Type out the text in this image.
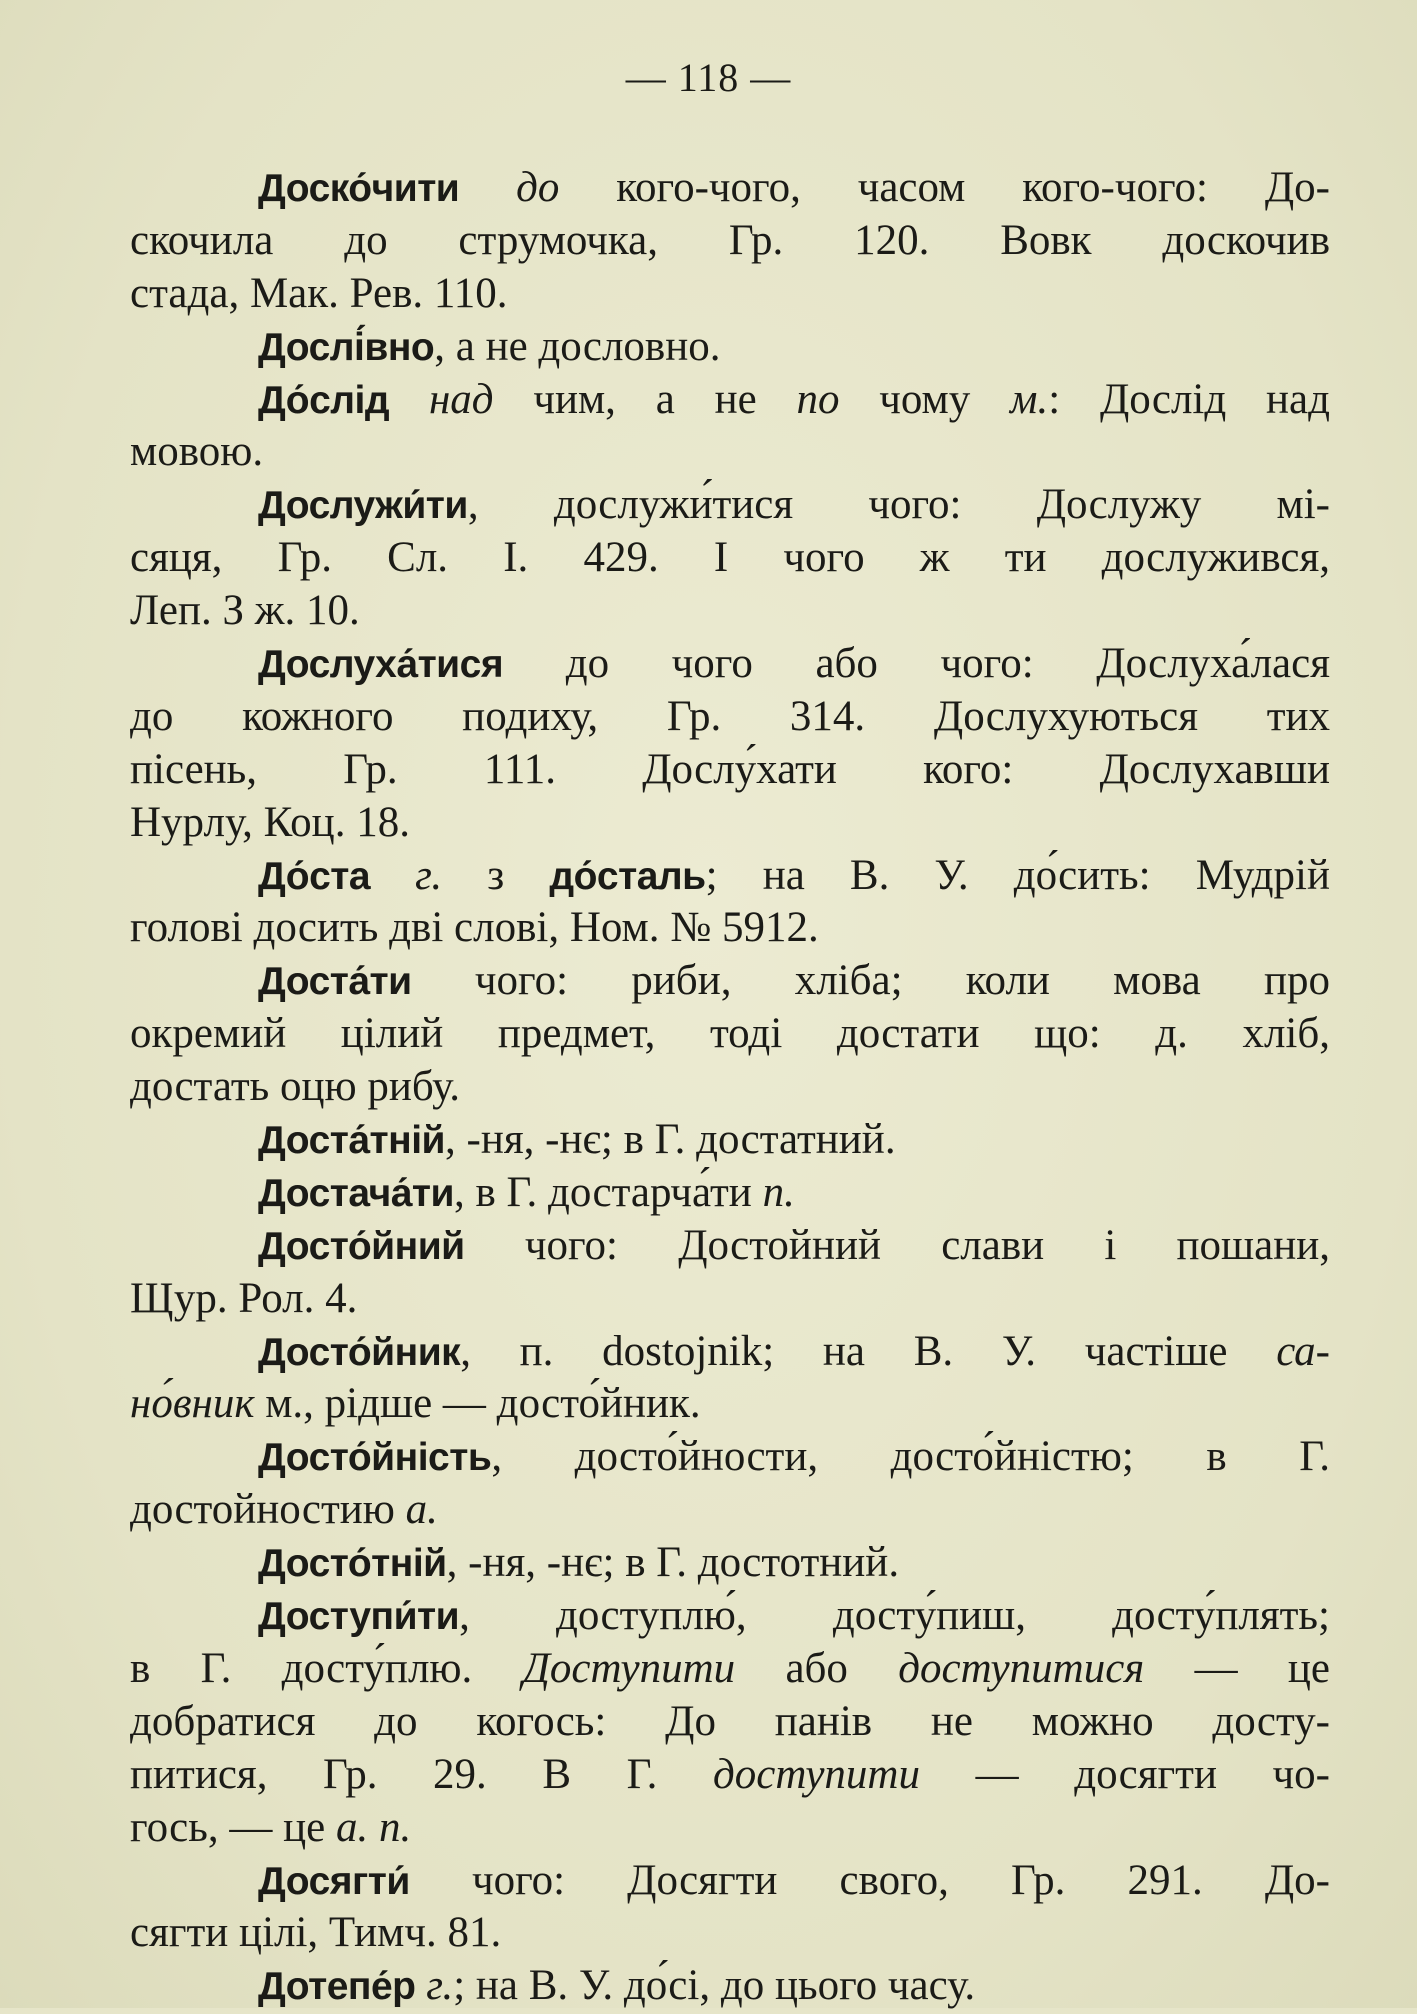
— 118 —
Доско́чити до кого-чого, часом кого-чого: До-
скочила до струмочка, Гр. 120. Вовк доскочив
стада, Мак. Рев. 110.
Дослі́вно, а не дословно.
До́слід над чим, а не по чому м.: Дослід над
мовою.
Дослужи́ти, дослужи́тися чого: Дослужу мі-
сяця, Гр. Сл. I. 429. I чого ж ти дослужився,
Леп. З ж. 10.
Дослуха́тися до чого або чого: Дослуха́лася
до кожного подиху, Гр. 314. Дослухуються тих
пісень, Гр. 111. Дослу́хати кого: Дослухавши
Нурлу, Коц. 18.
До́ста г. з до́сталь; на В. У. до́сить: Мудрій
голові досить дві слові, Ном. № 5912.
Доста́ти чого: риби, хліба; коли мова про
окремий цілий предмет, тоді достати що: д. хліб,
достать оцю рибу.
Доста́тній, -ня, -нє; в Г. достатний.
Достача́ти, в Г. достарча́ти п.
Досто́йний чого: Достойний слави і пошани,
Щур. Рол. 4.
Досто́йник, п. dostojnik; на В. У. частіше са-
но́вник м., рідше — досто́йник.
Досто́йність, досто́йности, досто́йністю; в Г.
достойностию а.
Досто́тній, -ня, -нє; в Г. достотний.
Доступи́ти, доступлю́, досту́пиш, досту́плять;
в Г. досту́плю. Доступити або доступитися — це
добратися до когось: До панів не можно досту-
питися, Гр. 29. В Г. доступити — досягти чо-
гось, — це а. п.
Досягти́ чого: Досягти свого, Гр. 291. До-
сягти цілі, Тимч. 81.
Дотепе́р г.; на В. У. до́сі, до цього часу.
